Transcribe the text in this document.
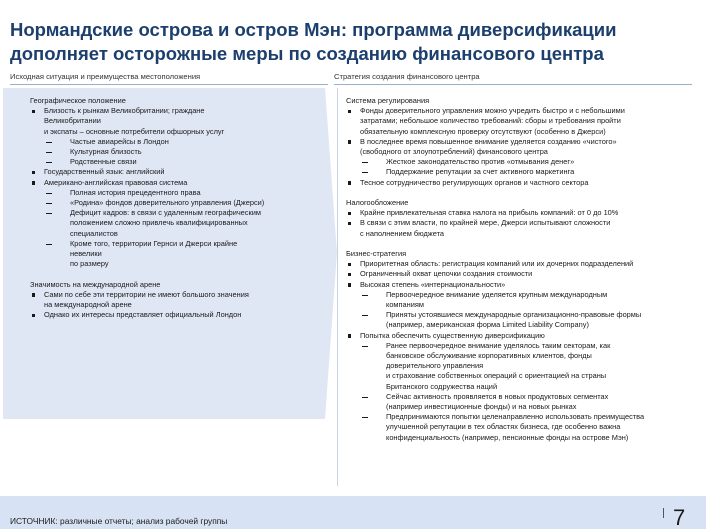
Нормандские острова и остров Мэн: программа диверсификации дополняет осторожные меры по созданию финансового центра
Исходная ситуация и преимущества местоположения	Стратегия создания финансового центра
Географическое положение
Близость к рынкам Великобритании; граждане
Великобритании
и экспаты – основные потребители офшорных услуг
Частые авиарейсы в Лондон
Культурная близость
Родственные связи
Государственный язык: английский
Американо-английская правовая система
Полная история прецедентного права
«Родина» фондов доверительного управления (Джерси)
Дефицит кадров: в связи с удаленным географическим
положением сложно привлечь квалифицированных
специалистов
Кроме того, территории Гернси и Джерси крайне
невелики
по размеру
Значимость на международной арене
Сами по себе эти территории не имеют большого значения
на международной арене
Однако их интересы представляет официальный Лондон
Система регулирования
Фонды доверительного управления можно учредить быстро и с небольшими
затратами; небольшое количество требований: сборы и требования пройти
обязательную комплексную проверку отсутствуют (особенно в Джерси)
В последнее время повышенное внимание уделяется созданию «чистого»
(свободного от злоупотреблений) финансового центра
Жесткое законодательство против «отмывания денег»
Поддержание репутации за счет активного маркетинга
Тесное сотрудничество регулирующих органов и частного сектора
Налогообложение
Крайне привлекательная ставка налога на прибыль компаний: от 0 до 10%
В связи с этим власти, по крайней мере, Джерси испытывают сложности
с наполнением бюджета
Бизнес-стратегия
Приоритетная область: регистрация компаний или их дочерних подразделений
Ограниченный охват цепочки создания стоимости
Высокая степень «интернациональности»
Первоочередное внимание уделяется крупным международным
компаниям
Приняты устоявшиеся международные организационно-правовые формы
(например, американская форма Limited Liability Company)
Попытка обеспечить существенную диверсификацию
Ранее первоочередное внимание уделялось таким секторам, как
банковское обслуживание корпоративных клиентов, фонды
доверительного управления
и страхование собственных операций с ориентацией на страны
Британского содружества наций
Сейчас активность проявляется в новых продуктовых сегментах
(например инвестиционные фонды) и на новых рынках
Предпринимаются попытки целенаправленно использовать преимущества
улучшенной репутации в тех областях бизнеса, где особенно важна
конфиденциальность (например, пенсионные фонды на острове Мэн)
ИСТОЧНИК: различные отчеты; анализ рабочей группы	7
